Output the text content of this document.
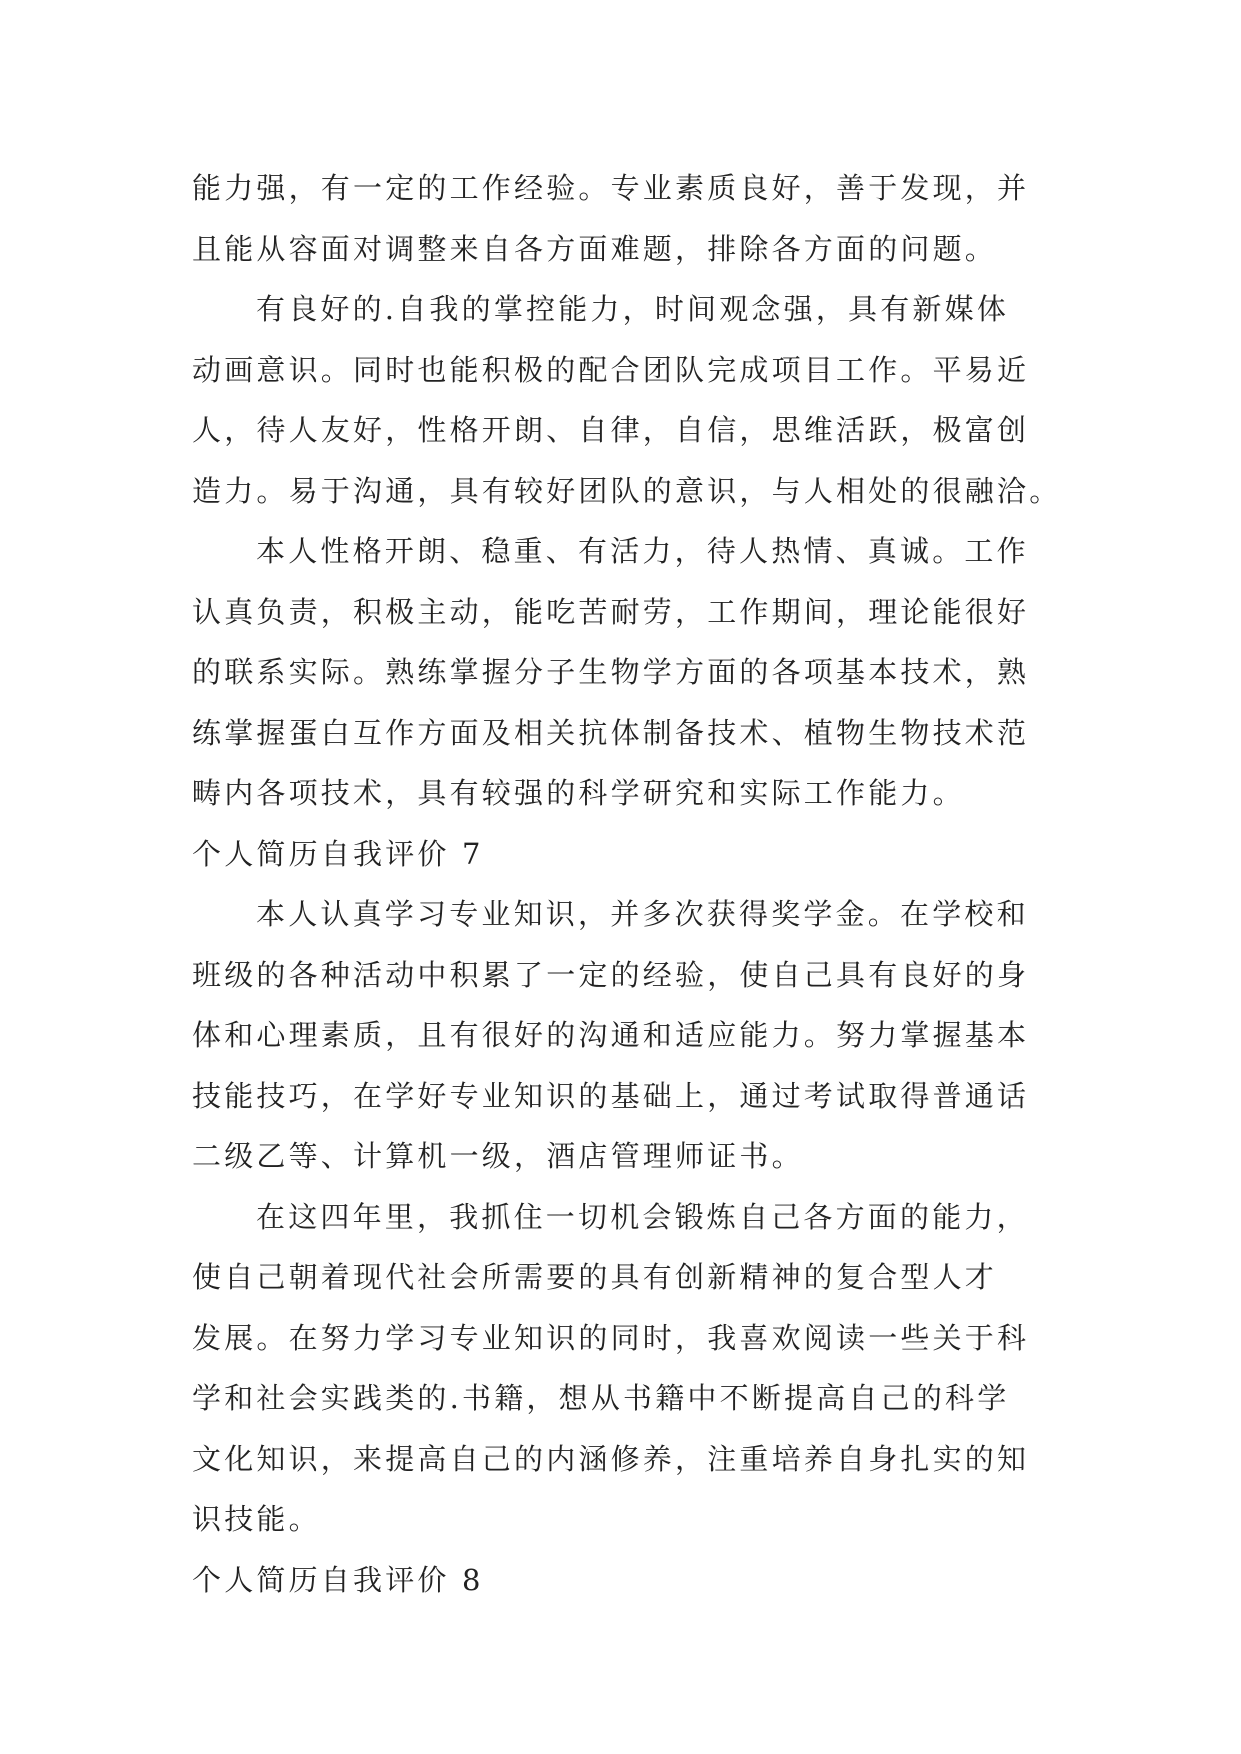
能力强，有一定的工作经验。专业素质良好，善于发现，并
且能从容面对调整来自各方面难题，排除各方面的问题。
有良好的.自我的掌控能力，时间观念强，具有新媒体
动画意识。同时也能积极的配合团队完成项目工作。平易近
人，待人友好，性格开朗、自律，自信，思维活跃，极富创
造力。易于沟通，具有较好团队的意识，与人相处的很融洽。
本人性格开朗、稳重、有活力，待人热情、真诚。工作
认真负责，积极主动，能吃苦耐劳，工作期间，理论能很好
的联系实际。熟练掌握分子生物学方面的各项基本技术，熟
练掌握蛋白互作方面及相关抗体制备技术、植物生物技术范
畴内各项技术，具有较强的科学研究和实际工作能力。
个人简历自我评价 7
本人认真学习专业知识，并多次获得奖学金。在学校和
班级的各种活动中积累了一定的经验，使自己具有良好的身
体和心理素质，且有很好的沟通和适应能力。努力掌握基本
技能技巧，在学好专业知识的基础上，通过考试取得普通话
二级乙等、计算机一级，酒店管理师证书。
在这四年里，我抓住一切机会锻炼自己各方面的能力，
使自己朝着现代社会所需要的具有创新精神的复合型人才
发展。在努力学习专业知识的同时，我喜欢阅读一些关于科
学和社会实践类的.书籍，想从书籍中不断提高自己的科学
文化知识，来提高自己的内涵修养，注重培养自身扎实的知
识技能。
个人简历自我评价 8
